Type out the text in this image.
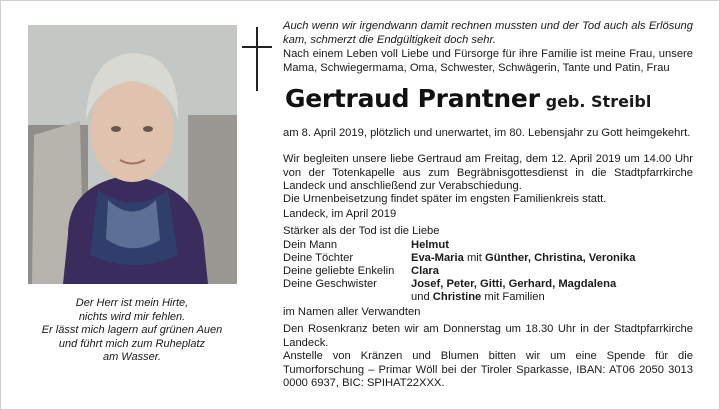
Der Herr ist mein Hirte,
nichts wird mir fehlen.
Er lässt mich lagern auf grünen Auen
und führt mich zum Ruheplatz
am Wasser.
Auch wenn wir irgendwann damit rechnen mussten und der Tod auch als Erlösung kam, schmerzt die Endgültigkeit doch sehr.
Nach einem Leben voll Liebe und Fürsorge für ihre Familie ist meine Frau, unsere Mama, Schwiegermama, Oma, Schwester, Schwägerin, Tante und Patin, Frau
Gertraud Prantner geb. Streibl
am 8. April 2019, plötzlich und unerwartet, im 80. Lebensjahr zu Gott heimgekehrt.
Wir begleiten unsere liebe Gertraud am Freitag, dem 12. April 2019 um 14.00 Uhr von der Totenkapelle aus zum Begräbnisgottesdienst in die Stadtpfarrkirche Landeck und anschließend zur Verabschiedung.
Die Urnenbeisetzung findet später im engsten Familienkreis statt.
Landeck, im April 2019
Stärker als der Tod ist die Liebe
Dein Mann	Helmut
Deine Töchter	Eva-Maria mit Günther, Christina, Veronika
Deine geliebte Enkelin Clara
Deine Geschwister	Josef, Peter, Gitti, Gerhard, Magdalena
und Christine mit Familien
im Namen aller Verwandten
Den Rosenkranz beten wir am Donnerstag um 18.30 Uhr in der Stadtpfarrkirche Landeck.
Anstelle von Kränzen und Blumen bitten wir um eine Spende für die Tumorforschung – Primar Wöll bei der Tiroler Sparkasse, IBAN: AT06 2050 3013 0000 6937, BIC: SPIHAT22XXX.
